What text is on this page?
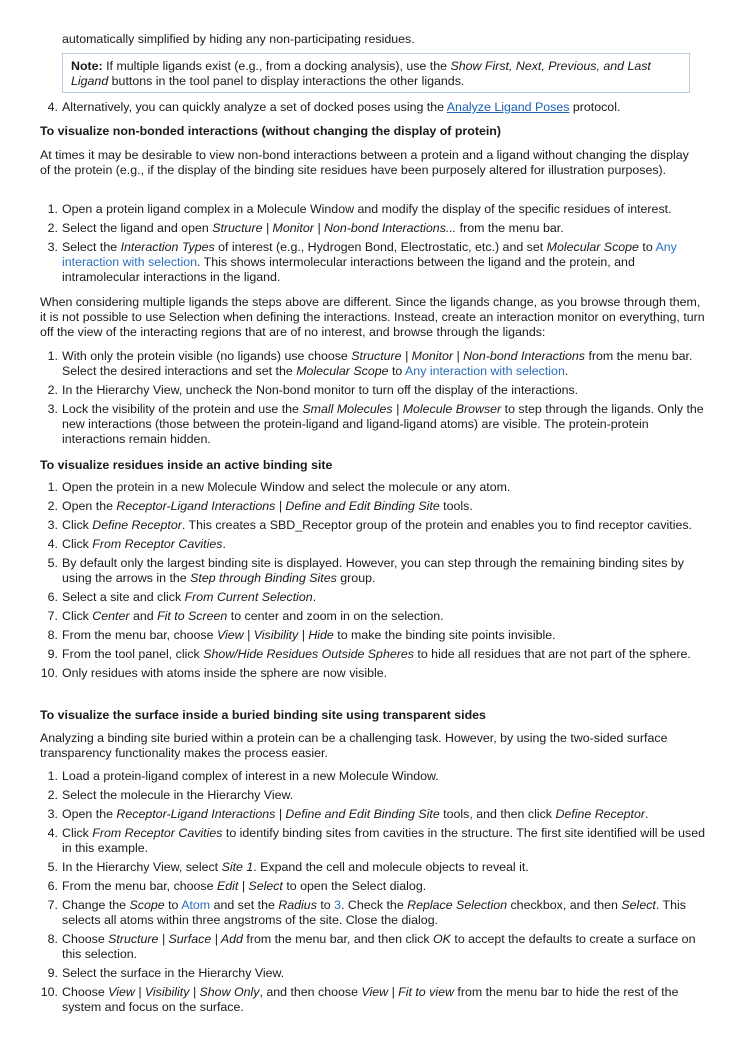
automatically simplified by hiding any non-participating residues.

Note: If multiple ligands exist (e.g., from a docking analysis), use the Show First, Next, Previous, and Last Ligand buttons in the tool panel to display interactions the other ligands.
4. Alternatively, you can quickly analyze a set of docked poses using the Analyze Ligand Poses protocol.

To visualize non-bonded interactions (without changing the display of protein)

At times it may be desirable to view non-bond interactions between a protein and a ligand without changing the display of the protein (e.g., if the display of the binding site residues have been purposely altered for illustration purposes).

1. Open a protein ligand complex in a Molecule Window and modify the display of the specific residues of interest.
2. Select the ligand and open Structure | Monitor | Non-bond Interactions... from the menu bar.
3. Select the Interaction Types of interest (e.g., Hydrogen Bond, Electrostatic, etc.) and set Molecular Scope to Any interaction with selection. This shows intermolecular interactions between the ligand and the protein, and intramolecular interactions in the ligand.

When considering multiple ligands the steps above are different. Since the ligands change, as you browse through them, it is not possible to use Selection when defining the interactions. Instead, create an interaction monitor on everything, turn off the view of the interacting regions that are of no interest, and browse through the ligands:

1. With only the protein visible (no ligands) use choose Structure | Monitor | Non-bond Interactions from the menu bar. Select the desired interactions and set the Molecular Scope to Any interaction with selection.
2. In the Hierarchy View, uncheck the Non-bond monitor to turn off the display of the interactions.
3. Lock the visibility of the protein and use the Small Molecules | Molecule Browser to step through the ligands. Only the new interactions (those between the protein-ligand and ligand-ligand atoms) are visible. The protein-protein interactions remain hidden.

To visualize residues inside an active binding site

1. Open the protein in a new Molecule Window and select the molecule or any atom.
2. Open the Receptor-Ligand Interactions | Define and Edit Binding Site tools.
3. Click Define Receptor. This creates a SBD_Receptor group of the protein and enables you to find receptor cavities.
4. Click From Receptor Cavities.
5. By default only the largest binding site is displayed. However, you can step through the remaining binding sites by using the arrows in the Step through Binding Sites group.
6. Select a site and click From Current Selection.
7. Click Center and Fit to Screen to center and zoom in on the selection.
8. From the menu bar, choose View | Visibility | Hide to make the binding site points invisible.
9. From the tool panel, click Show/Hide Residues Outside Spheres to hide all residues that are not part of the sphere.
10. Only residues with atoms inside the sphere are now visible.

To visualize the surface inside a buried binding site using transparent sides

Analyzing a binding site buried within a protein can be a challenging task. However, by using the two-sided surface transparency functionality makes the process easier.

1. Load a protein-ligand complex of interest in a new Molecule Window.
2. Select the molecule in the Hierarchy View.
3. Open the Receptor-Ligand Interactions | Define and Edit Binding Site tools, and then click Define Receptor.
4. Click From Receptor Cavities to identify binding sites from cavities in the structure. The first site identified will be used in this example.
5. In the Hierarchy View, select Site 1. Expand the cell and molecule objects to reveal it.
6. From the menu bar, choose Edit | Select to open the Select dialog.
7. Change the Scope to Atom and set the Radius to 3. Check the Replace Selection checkbox, and then Select. This selects all atoms within three angstroms of the site. Close the dialog.
8. Choose Structure | Surface | Add from the menu bar, and then click OK to accept the defaults to create a surface on this selection.
9. Select the surface in the Hierarchy View.
10. Choose View | Visibility | Show Only, and then choose View | Fit to view from the menu bar to hide the rest of the system and focus on the surface.
